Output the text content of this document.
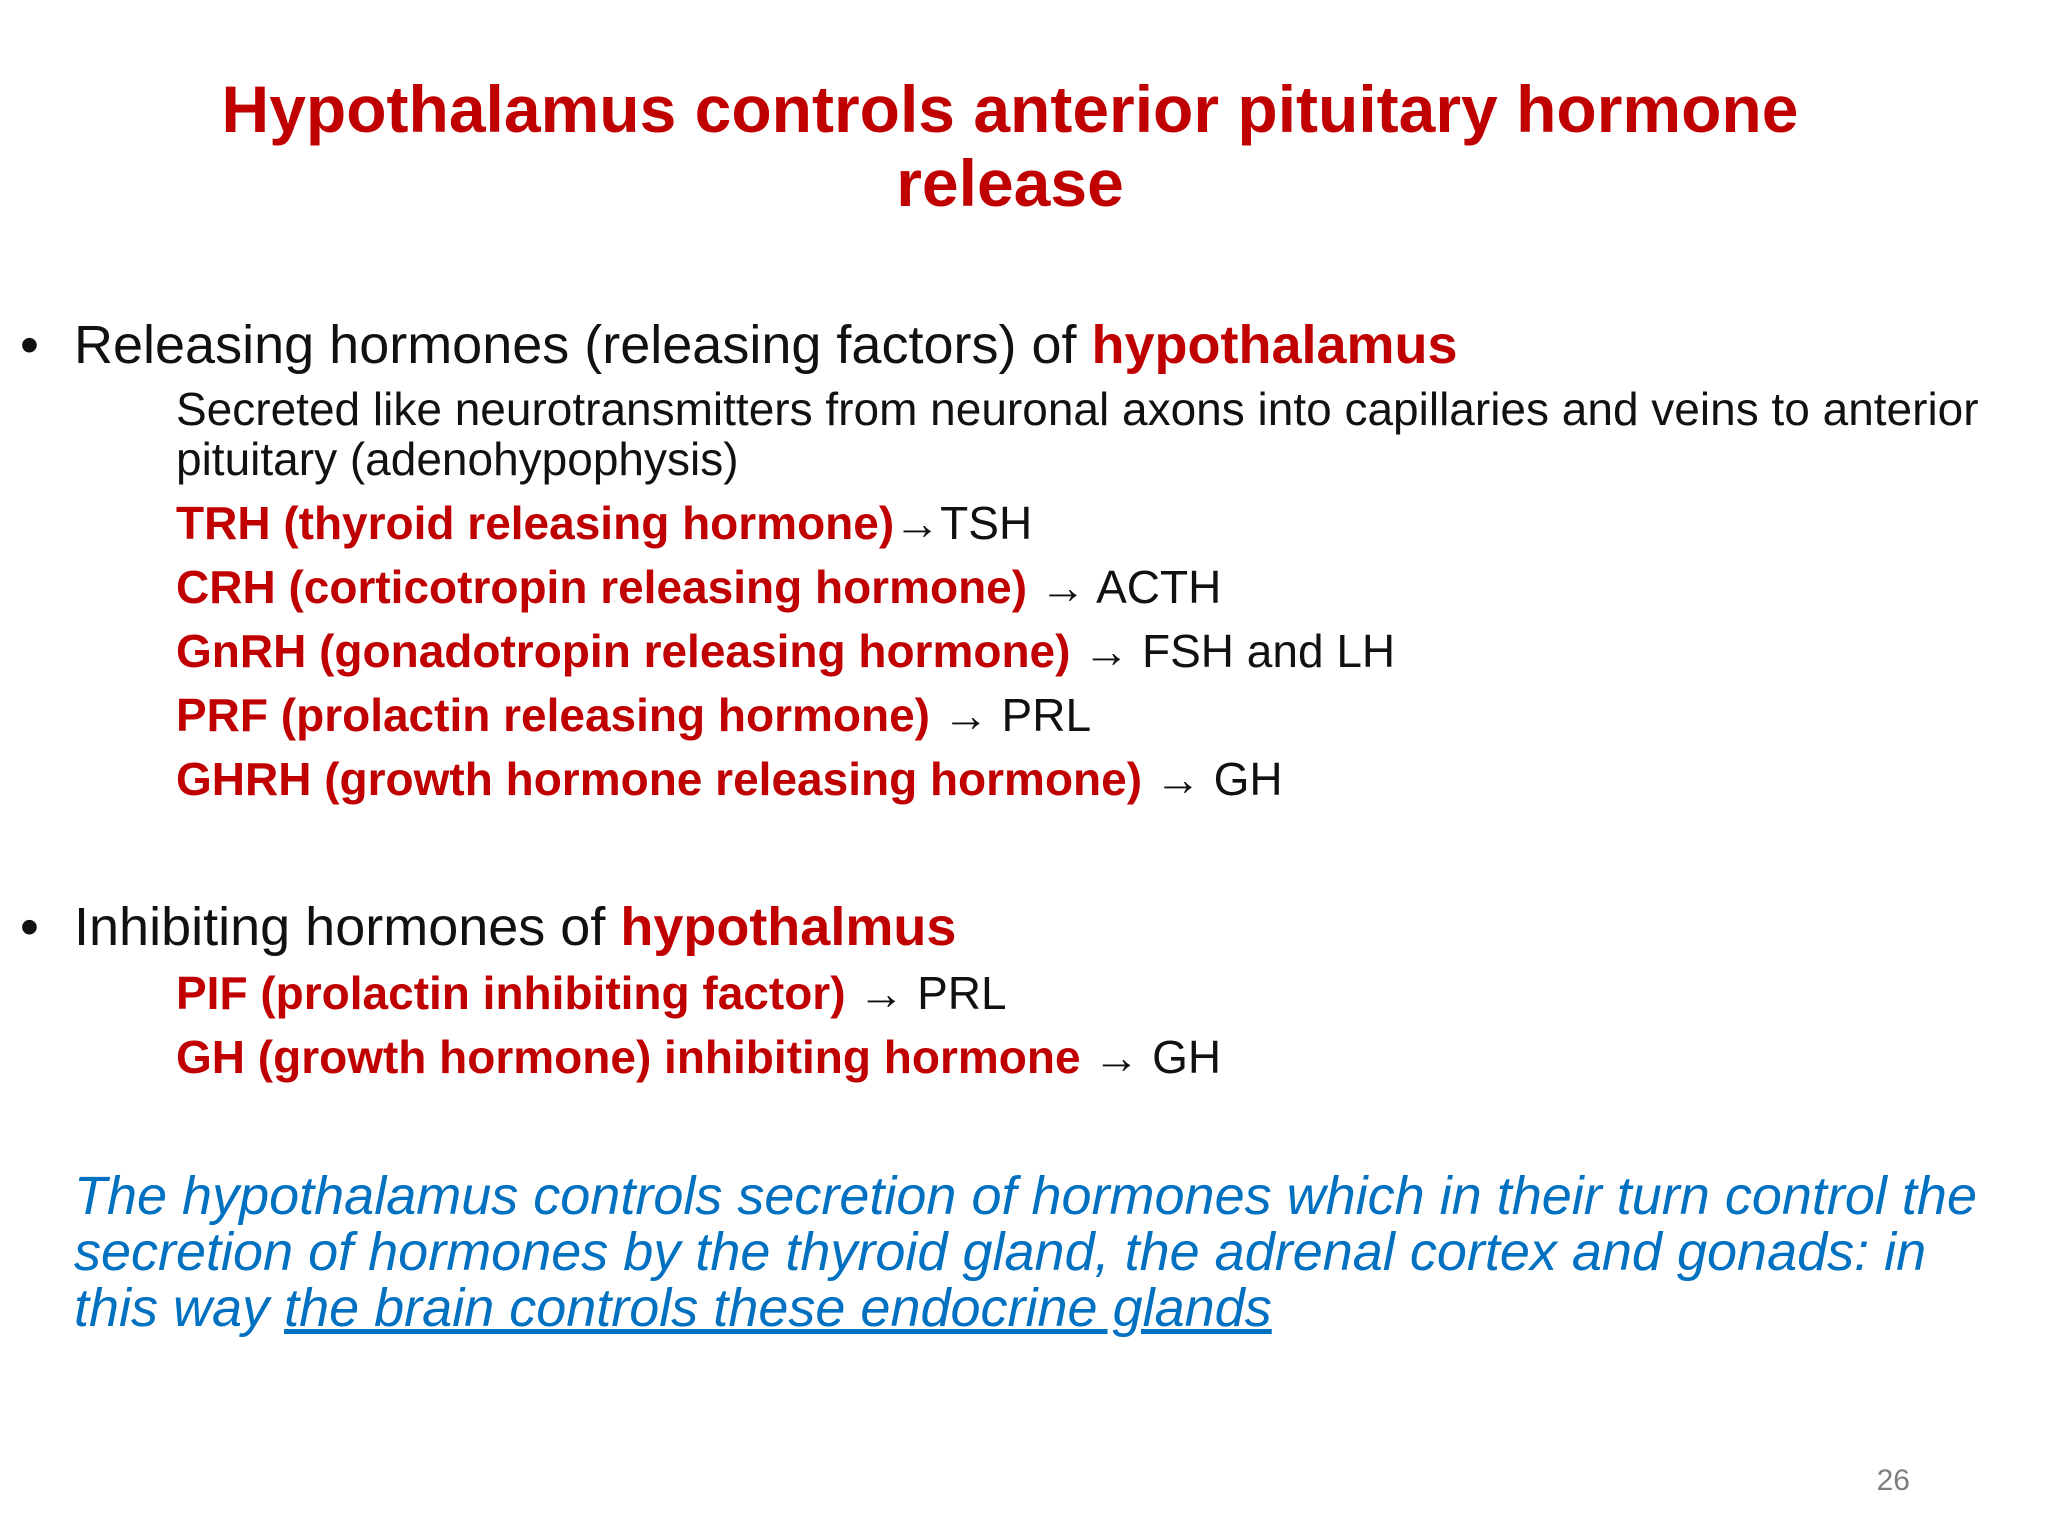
Hypothalamus controls anterior pituitary hormone release
• Releasing hormones (releasing factors) of hypothalamus
Secreted like neurotransmitters from neuronal axons into capillaries and veins to anterior pituitary (adenohypophysis)
TRH (thyroid releasing hormone)→TSH
CRH (corticotropin releasing hormone) → ACTH
GnRH (gonadotropin releasing hormone) → FSH and LH
PRF (prolactin releasing hormone) → PRL
GHRH (growth hormone releasing hormone) → GH
• Inhibiting hormones of hypothalmus
PIF (prolactin inhibiting factor) → PRL
GH (growth hormone) inhibiting hormone → GH
The hypothalamus controls secretion of hormones which in their turn control the secretion of hormones by the thyroid gland, the adrenal cortex and gonads: in this way the brain controls these endocrine glands
26
